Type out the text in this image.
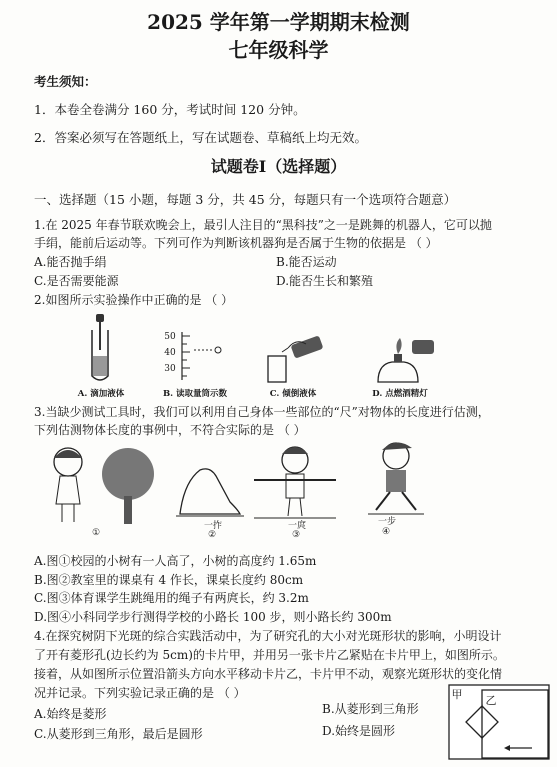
2025 学年第一学期期末检测
七年级科学
考生须知：
1．本卷全卷满分 160 分，考试时间 120 分钟。
2．答案必须写在答题纸上，写在试题卷、草稿纸上均无效。
试题卷Ⅰ（选择题）
一、选择题（15 小题，每题 3 分，共 45 分，每题只有一个选项符合题意）
1.在 2025 年春节联欢晚会上，最引人注目的“黑科技”之一是跳舞的机器人，它可以抛
手绢，能前后运动等。下列可作为判断该机器狗是否属于生物的依据是 （ ）
A.能否抛手绢	B.能否运动
C.是否需要能源	D.能否生长和繁殖
2.如图所示实验操作中正确的是 （ ）
A. 滴加液体
50
40
30
B. 读取量筒示数	C. 倾倒液体	D. 点燃酒精灯
3.当缺少测试工具时，我们可以利用自己身体一些部位的“尺”对物体的长度进行估测，
下列估测物体长度的事例中，不符合实际的是 （ ）
①
一拃
②
一庹
③
一步
④
A.图①校园的小树有一人高了，小树的高度约 1.65m
B.图②教室里的课桌有 4 作长，课桌长度约 80cm
C.图③体育课学生跳绳用的绳子有两庹长，约 3.2m
D.图④小科同学步行测得学校的小路长 100 步，则小路长约 300m
4.在探究树阴下光斑的综合实践活动中，为了研究孔的大小对光斑形状的影响，小明设计
了开有菱形孔(边长约为 5cm)的卡片甲，并用另一张卡片乙紧贴在卡片甲上，如图所示。
接着，从如图所示位置沿箭头方向水平移动卡片乙，卡片甲不动，观察光斑形状的变化情
况并记录。下列实验记录正确的是 （ ）
A.始终是菱形	B.从菱形到三角形
C.从菱形到三角形，最后是圆形	D.始终是圆形
甲 乙
